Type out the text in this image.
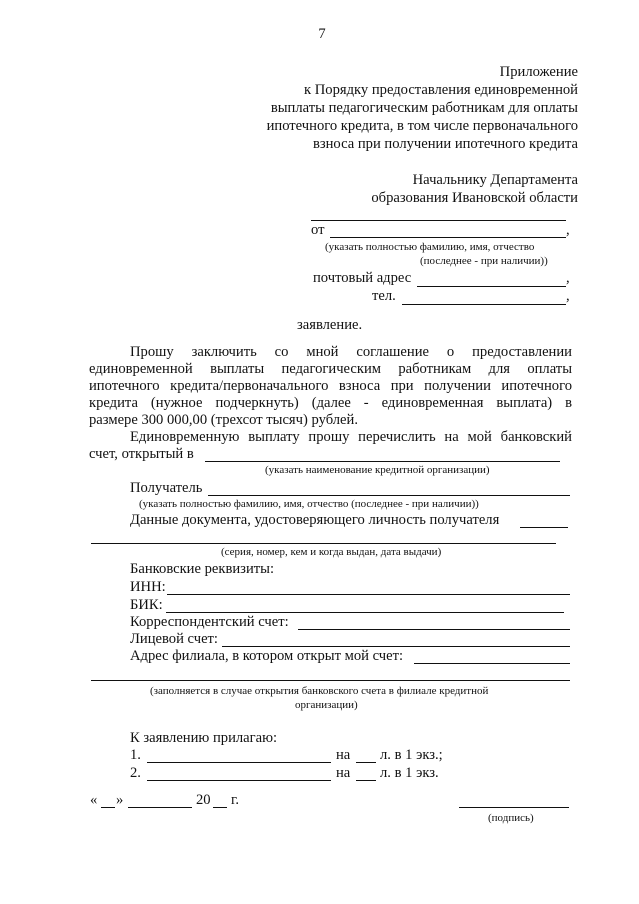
7
Приложение
к Порядку предоставления единовременной
выплаты педагогическим работникам для оплаты
ипотечного кредита, в том числе первоначального
взноса при получении ипотечного кредита
Начальнику Департамента
образования Ивановской области
от	,
(указать полностью фамилию, имя, отчество
(последнее - при наличии))
почтовый адрес	,
тел.	,
заявление.
Прошу заключить со мной соглашение о предоставлении
единовременной выплаты педагогическим работникам для оплаты
ипотечного кредита/первоначального взноса при получении ипотечного
кредита (нужное подчеркнуть) (далее - единовременная выплата) в
размере 300 000,00 (трехсот тысяч) рублей.
Единовременную выплату прошу перечислить на мой банковский
счет, открытый в
(указать наименование кредитной организации)
Получатель
(указать полностью фамилию, имя, отчество (последнее - при наличии))
Данные документа, удостоверяющего личность получателя
(серия, номер, кем и когда выдан, дата выдачи)
Банковские реквизиты:
ИНН:
БИК:
Корреспондентский счет:
Лицевой счет:
Адрес филиала, в котором открыт мой счет:
(заполняется в случае открытия банковского счета в филиале кредитной
организации)
К заявлению прилагаю:
1.	на л. в 1 экз.;
2.	на л. в 1 экз.
« »	20 г.
(подпись)
